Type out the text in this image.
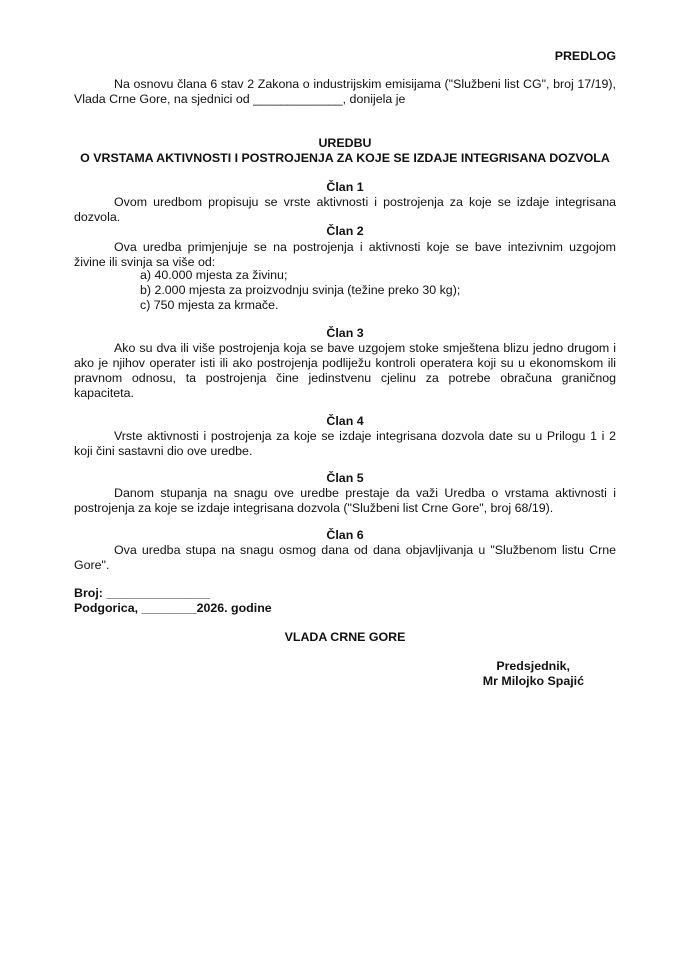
PREDLOG
Na osnovu člana 6 stav 2 Zakona o industrijskim emisijama ("Službeni list CG", broj 17/19), Vlada Crne Gore, na sjednici od _____________, donijela je
UREDBU
O VRSTAMA AKTIVNOSTI I POSTROJENJA ZA KOJE SE IZDAJE INTEGRISANA DOZVOLA
Član 1
Ovom uredbom propisuju se vrste aktivnosti i postrojenja za koje se izdaje integrisana dozvola.
Član 2
Ova uredba primjenjuje se na postrojenja i aktivnosti koje se bave intezivnim uzgojom živine ili svinja sa više od:
a) 40.000 mjesta za živinu;
b) 2.000 mjesta za proizvodnju svinja (težine preko 30 kg);
c) 750 mjesta za krmače.
Član 3
Ako su dva ili više postrojenja koja se bave uzgojem stoke smještena blizu jedno drugom i ako je njihov operater isti ili ako postrojenja podliježu kontroli operatera koji su u ekonomskom ili pravnom odnosu, ta postrojenja čine jedinstvenu cjelinu za potrebe obračuna graničnog kapaciteta.
Član 4
Vrste aktivnosti i postrojenja za koje se izdaje integrisana dozvola date su u Prilogu 1 i 2 koji čini sastavni dio ove uredbe.
Član 5
Danom stupanja na snagu ove uredbe prestaje da važi Uredba o vrstama aktivnosti i postrojenja za koje se izdaje integrisana dozvola ("Službeni list Crne Gore", broj 68/19).
Član 6
Ova uredba stupa na snagu osmog dana od dana objavljivanja u "Službenom listu Crne Gore".
Broj: _______________
Podgorica, ________2026. godine
VLADA CRNE GORE
Predsjednik,
Mr Milojko Spajić
